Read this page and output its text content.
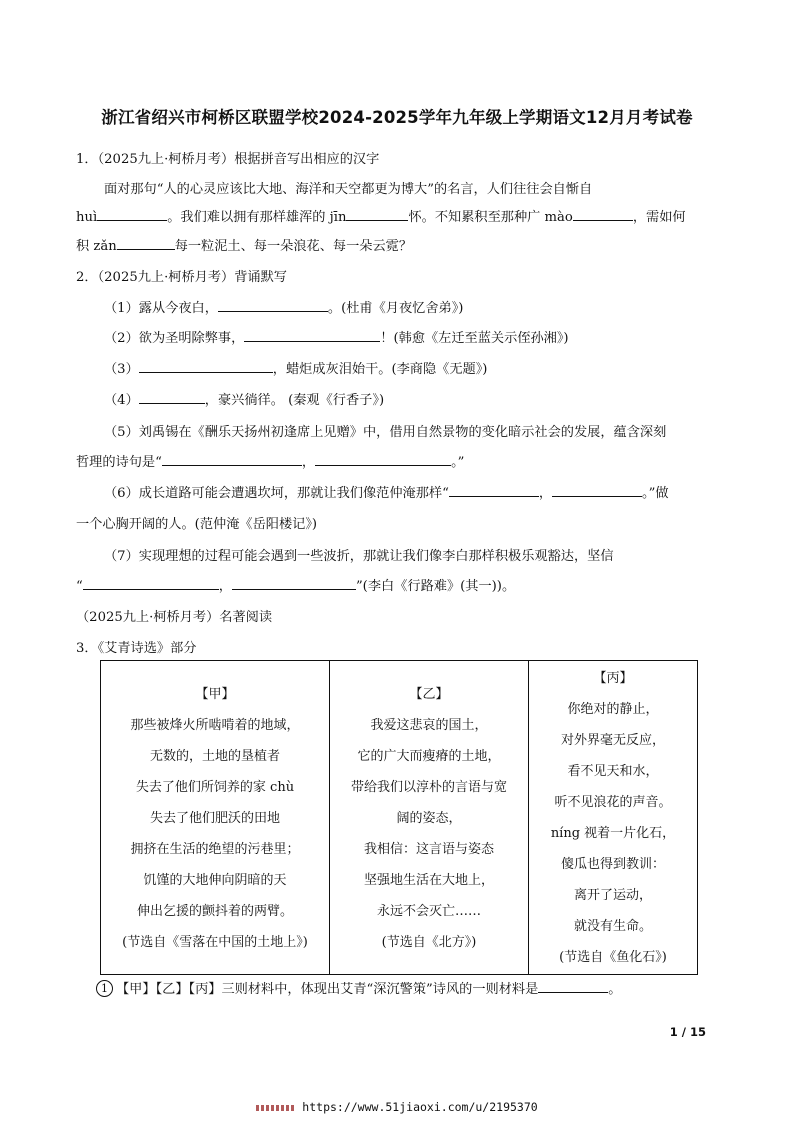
浙江省绍兴市柯桥区联盟学校2024-2025学年九年级上学期语文12月月考试卷
1．（2025九上·柯桥月考）根据拼音写出相应的汉字
面对那句“人的心灵应该比大地、海洋和天空都更为博大”的名言，人们往往会自惭自
huì	。我们难以拥有那样雄浑的 jīn	怀。不知累积至那种广 mào	，需如何
积 zǎn	每一粒泥土、每一朵浪花、每一朵云霓？
2．（2025九上·柯桥月考）背诵默写
（1）露从今夜白，	。(杜甫《月夜忆舍弟》)
（2）欲为圣明除弊事，	！(韩愈《左迁至蓝关示侄孙湘》)
（3）	，蜡炬成灰泪始干。(李商隐《无题》)
（4）	，豪兴徜徉。 (秦观《行香子》)
（5）刘禹锡在《酬乐天扬州初逢席上见赠》中，借用自然景物的变化暗示社会的发展，蕴含深刻
哲理的诗句是“	，	。”
（6）成长道路可能会遭遇坎坷，那就让我们像范仲淹那样“	，	。”做
一个心胸开阔的人。(范仲淹《岳阳楼记》)
（7）实现理想的过程可能会遇到一些波折，那就让我们像李白那样积极乐观豁达，坚信
“	，	”(李白《行路难》(其一))。
（2025九上·柯桥月考）名著阅读
3．《艾青诗选》部分
【甲】
那些被烽火所啮啃着的地域，
无数的，土地的垦植者
失去了他们所饲养的家 chù
失去了他们肥沃的田地
拥挤在生活的绝望的污巷里；
饥馑的大地伸向阴暗的天
伸出乞援的颤抖着的两臂。
(节选自《雪落在中国的土地上》)

【乙】
我爱这悲哀的国土，
它的广大而瘦瘠的土地，
带给我们以淳朴的言语与宽
阔的姿态，
我相信：这言语与姿态
坚强地生活在大地上，
永远不会灭亡……
(节选自《北方》)

【丙】
你绝对的静止，
对外界毫无反应，
看不见天和水，
听不见浪花的声音。
níng 视着一片化石，
傻瓜也得到教训：
离开了运动，
就没有生命。
(节选自《鱼化石》)
1 【甲】【乙】【丙】三则材料中，体现出艾青“深沉警策”诗风的一则材料是	。
1 / 15
https://www.51jiaoxi.com/u/2195370
